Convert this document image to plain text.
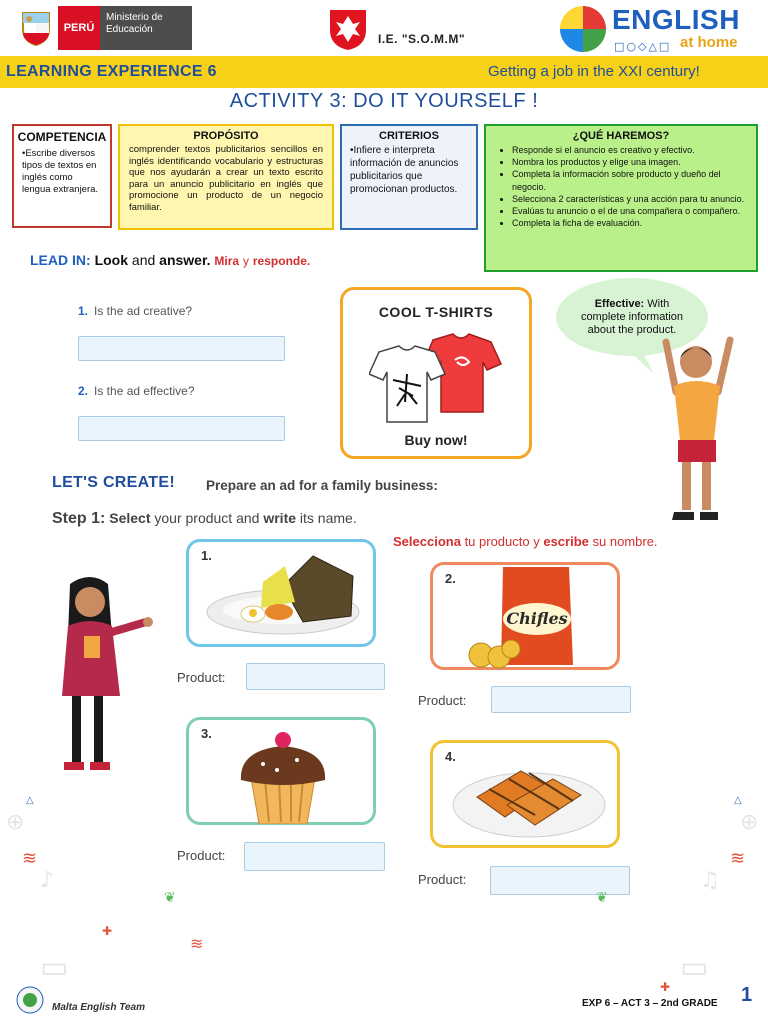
PERÚ
Ministerio de Educación
I.E. "S.O.M.M"
ENGLISH
□○◇△□ at home
LEARNING EXPERIENCE 6	Getting a job in the XXI century!
ACTIVITY 3: DO IT YOURSELF !
COMPETENCIA
•Escribe diversos tipos de textos en inglés como lengua extranjera.
PROPÓSITO
comprender textos publicitarios sencillos en inglés identificando vocabulario y estructuras que nos ayudarán a crear un texto escrito para un anuncio publicitario en inglés que promocione un producto de un negocio familiar.
CRITERIOS
•Infiere e interpreta información de anuncios publicitarios que promocionan productos.
¿QUÉ HAREMOS?
• Responde si el anuncio es creativo y efectivo.
• Nombra los productos y elige una imagen.
• Completa la información sobre producto y dueño del negocio.
• Selecciona 2 características y una acción para tu anuncio.
• Evalúas tu anuncio o el de una compañera o compañero.
• Completa la ficha de evaluación.
LEAD IN: Look and answer. Mira y responde.
1. Is the ad creative?
2. Is the ad effective?
COOL T-SHIRTS
Buy now!
Effective: With complete information about the product.
LET'S CREATE! Prepare an ad for a family business:
Step 1: Select your product and write its name.
Selecciona tu producto y escribe su nombre.
1.
Product:
2.
Chifles
Product:
3.
Product:
4.
Product:
⊕
♪
⊕
♫
≋	≋
△	△
❦	❦
✚
✚
≋
▭	▭
Malta English Team	EXP 6 – ACT 3 – 2nd GRADE 1
